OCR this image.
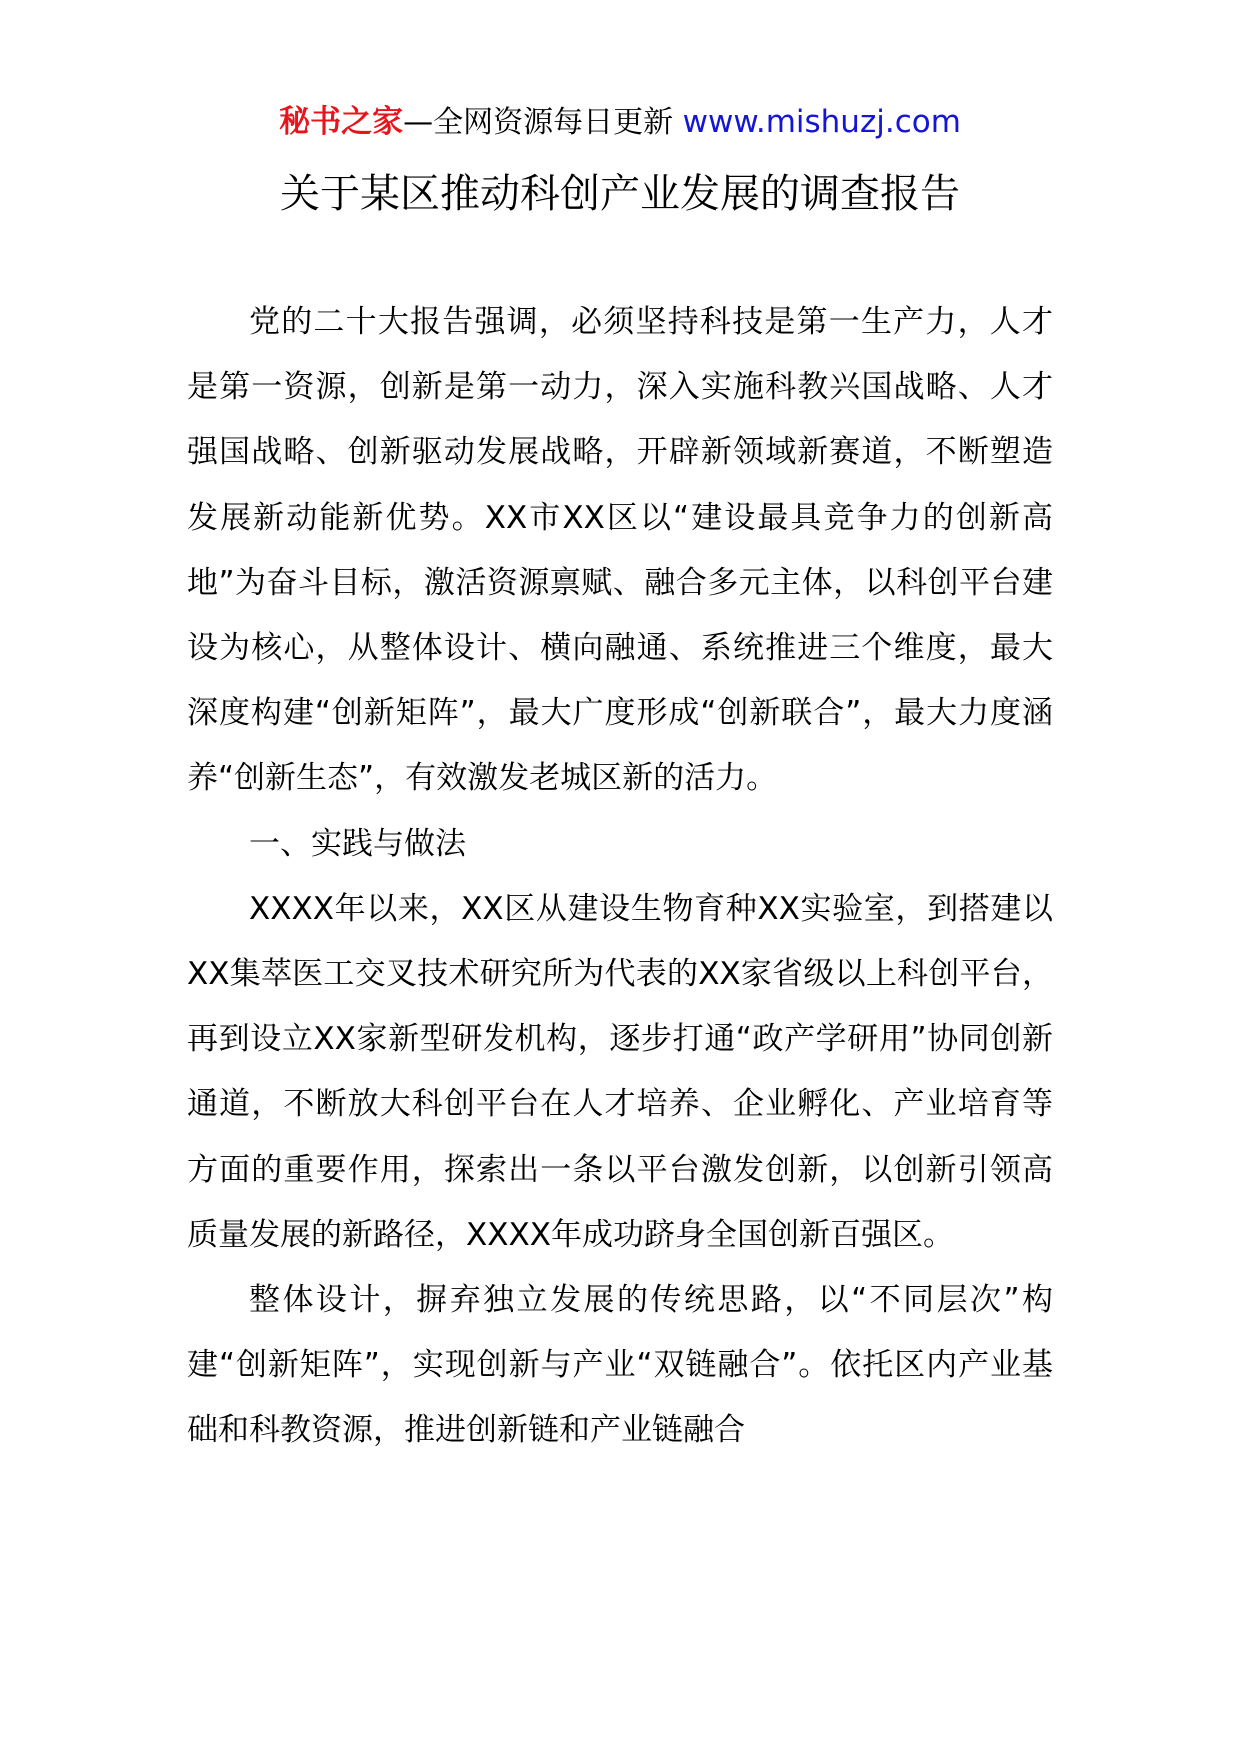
秘书之家—全网资源每日更新 www.mishuzj.com
关于某区推动科创产业发展的调查报告

党的二十大报告强调，必须坚持科技是第一生产力，人才是第一资源，创新是第一动力，深入实施科教兴国战略、人才强国战略、创新驱动发展战略，开辟新领域新赛道，不断塑造发展新动能新优势。XX市XX区以“建设最具竞争力的创新高地”为奋斗目标，激活资源禀赋、融合多元主体，以科创平台建设为核心，从整体设计、横向融通、系统推进三个维度，最大深度构建“创新矩阵”，最大广度形成“创新联合”，最大力度涵养“创新生态”，有效激发老城区新的活力。

一、实践与做法

XXXX年以来，XX区从建设生物育种XX实验室，到搭建以XX集萃医工交叉技术研究所为代表的XX家省级以上科创平台，再到设立XX家新型研发机构，逐步打通“政产学研用”协同创新通道，不断放大科创平台在人才培养、企业孵化、产业培育等方面的重要作用，探索出一条以平台激发创新，以创新引领高质量发展的新路径，XXXX年成功跻身全国创新百强区。

整体设计，摒弃独立发展的传统思路，以“不同层次”构建“创新矩阵”，实现创新与产业“双链融合”。依托区内产业基础和科教资源，推进创新链和产业链融合
